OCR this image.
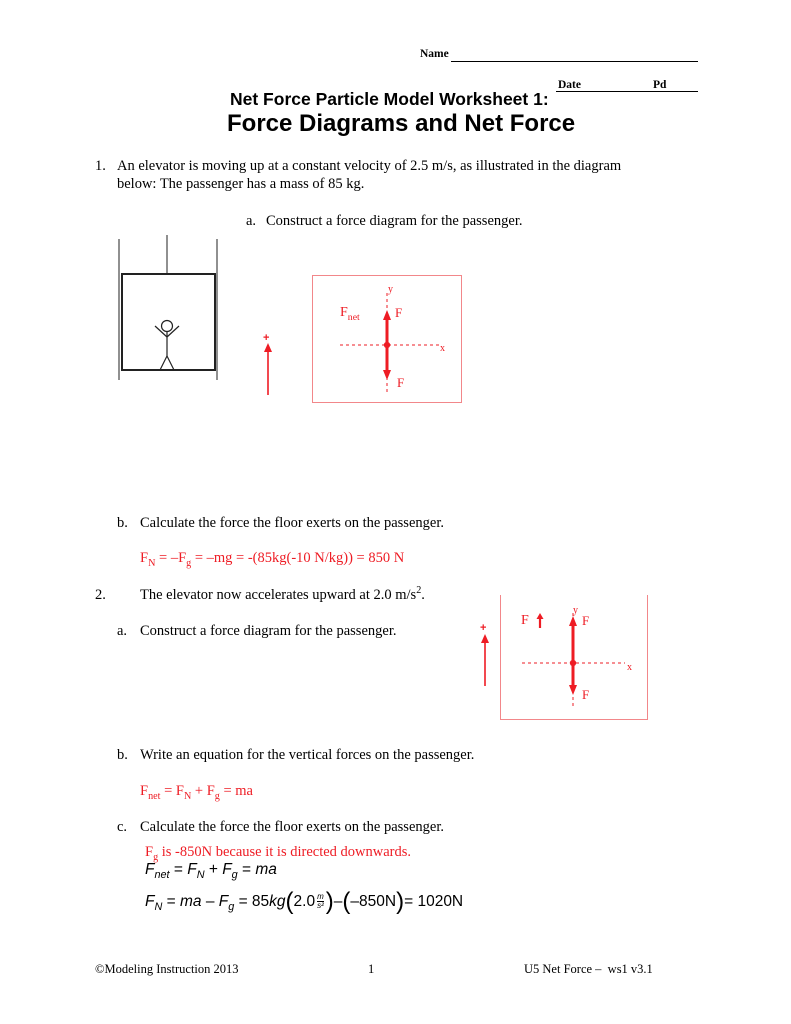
Name
Date	Pd
Net Force Particle Model Worksheet 1:
Force Diagrams and Net Force
1. An elevator is moving up at a constant velocity of 2.5 m/s, as illustrated in the diagram
below: The passenger has a mass of 85 kg.
a. Construct a force diagram for the passenger.
+
$F_{net}$
y
F
x
F
b. Calculate the force the floor exerts on the passenger.
$F_N = -F_g = -mg = -(85kg(-10$ N/kg)) = 850 N
2. The elevator now accelerates upward at 2.0 $m/s^2$.
a. Construct a force diagram for the passenger.	+ F
y
F
x
F
b. Write an equation for the vertical forces on the passenger.
$F_{net} = F_N + F_g$ = ma
c. Calculate the force the floor exerts on the passenger.
$F_g$ is -850N because it is directed downwards.
$F_{net} = F_N + F_g$ = ma
$F_N$ = ma – $F_g = 85kg(2.0 \frac{m}{\text{s²}} )-(-850N)= 1020N$
©Modeling Instruction 2013	1	U5 Net Force –  ws1 v3.1
